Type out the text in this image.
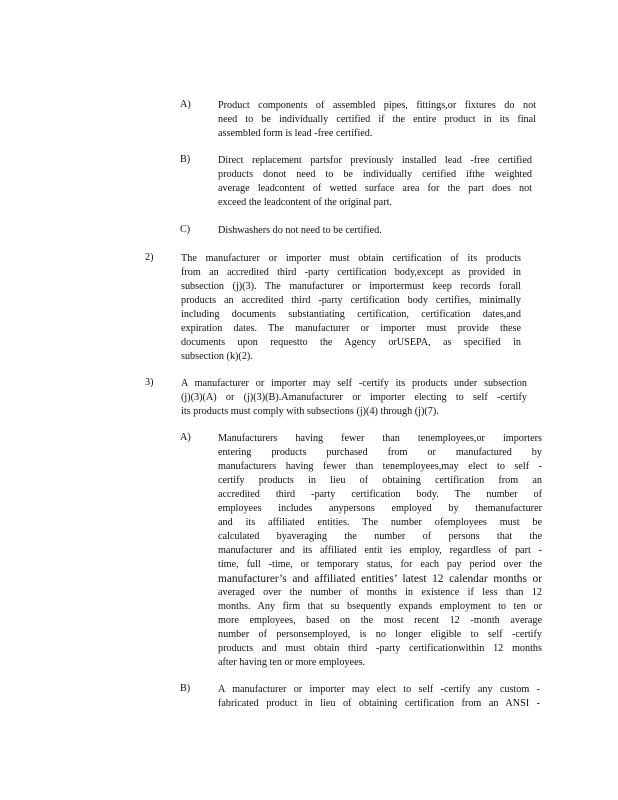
A)	Product components of assembled pipes, fittings,or fixtures do not
need to be individually certified if the entire product in its final
assembled form is lead -free certified.
B)	Direct replacement partsfor previously installed lead -free certified
products donot need to be individually certified ifthe weighted
average leadcontent of wetted surface area for the part does not
exceed the leadcontent of the original part.
C)	Dishwashers do not need to be certified.
2)	The manufacturer or importer must obtain certification of its products
from an accredited third -party certification body,except as provided in
subsection (j)(3). The manufacturer or importermust keep records forall
products an accredited third -party certification body certifies, minimally
including documents substantiating certification, certification dates,and
expiration dates. The manufacturer or importer must provide these
documents upon requestto the Agency orUSEPA, as specified in
subsection (k)(2).
3)	A manufacturer or importer may self -certify its products under subsection
(j)(3)(A) or (j)(3)(B).Amanufacturer or importer electing to self -certify
its products must comply with subsections (j)(4) through (j)(7).
A)	Manufacturers having fewer than tenemployees,or importers
entering products purchased from or manufactured by
manufacturers having fewer than tenemployees,may elect to self -
certify products in lieu of obtaining certification from an
accredited third -party certification body. The number of
employees includes anypersons employed by themanufacturer
and its affiliated entities. The number ofemployees must be
calculated byaveraging the number of persons that the
manufacturer and its affiliated entit ies employ, regardless of part -
time, full -time, or temporary status, for each pay period over the
manufacturer’s and affiliated entities’ latest 12 calendar months or
averaged over the number of months in existence if less than 12
months. Any firm that su bsequently expands employment to ten or
more employees, based on the most recent 12 -month average
number of personsemployed, is no longer eligible to self -certify
products and must obtain third -party certificationwithin 12 months
after having ten or more employees.
B)	A manufacturer or importer may elect to self -certify any custom -
fabricated product in lieu of obtaining certification from an ANSI -
